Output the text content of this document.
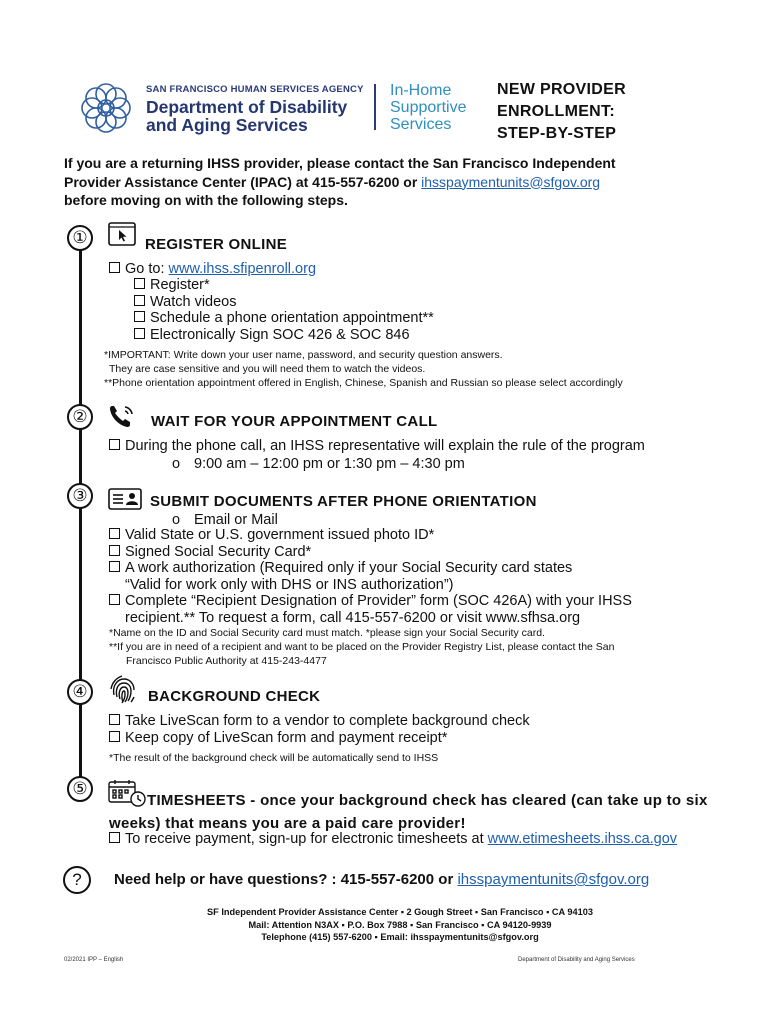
SAN FRANCISCO HUMAN SERVICES AGENCY
Department of Disability
and Aging Services
In-Home
Supportive
Services
NEW PROVIDER
ENROLLMENT:
STEP-BY-STEP
If you are a returning IHSS provider, please contact the San Francisco Independent
Provider Assistance Center (IPAC) at 415-557-6200 or ihsspaymentunits@sfgov.org
before moving on with the following steps.
①	REGISTER ONLINE
Go to: www.ihss.sfipenroll.org
Register*
Watch videos
Schedule a phone orientation appointment**
Electronically Sign SOC 426 & SOC 846
*IMPORTANT: Write down your user name, password, and security question answers.
They are case sensitive and you will need them to watch the videos.
**Phone orientation appointment offered in English, Chinese, Spanish and Russian so please select accordingly
②	WAIT FOR YOUR APPOINTMENT CALL
During the phone call, an IHSS representative will explain the rule of the program
o 9:00 am – 12:00 pm or 1:30 pm – 4:30 pm
③	SUBMIT DOCUMENTS AFTER PHONE ORIENTATION
o Email or Mail
Valid State or U.S. government issued photo ID*
Signed Social Security Card*
A work authorization (Required only if your Social Security card states
“Valid for work only with DHS or INS authorization”)
Complete “Recipient Designation of Provider” form (SOC 426A) with your IHSS
recipient.** To request a form, call 415-557-6200 or visit www.sfhsa.org
*Name on the ID and Social Security card must match. *please sign your Social Security card.
**If you are in need of a recipient and want to be placed on the Provider Registry List, please contact the San
Francisco Public Authority at 415-243-4477
④	BACKGROUND CHECK
Take LiveScan form to a vendor to complete background check
Keep copy of LiveScan form and payment receipt*
*The result of the background check will be automatically send to IHSS
⑤
TIMESHEETS - once your background check has cleared (can take up to six
weeks) that means you are a paid care provider!
To receive payment, sign-up for electronic timesheets at www.etimesheets.ihss.ca.gov
? Need help or have questions? : 415-557-6200 or ihsspaymentunits@sfgov.org
SF Independent Provider Assistance Center ▪ 2 Gough Street ▪ San Francisco ▪ CA 94103
Mail: Attention N3AX ▪ P.O. Box 7988 ▪ San Francisco ▪ CA 94120-9939
Telephone (415) 557-6200 ▪ Email: ihsspaymentunits@sfgov.org
02/2021 IPP – English	Department of Disability and Aging Services
